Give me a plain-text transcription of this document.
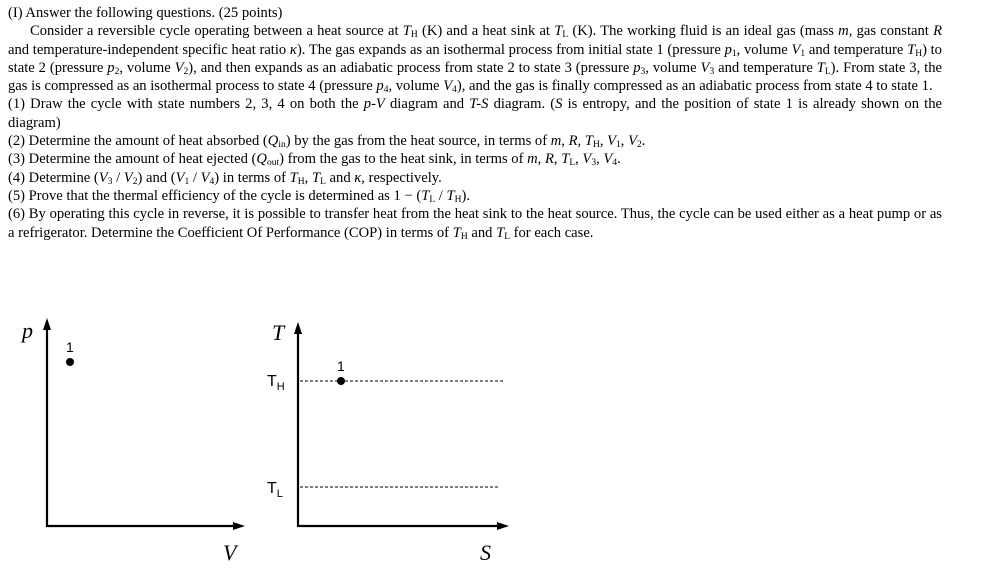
(I) Answer the following questions. (25 points)

Consider a reversible cycle operating between a heat source at $T_H$ (K) and a heat sink at $T_L$ (K). The working fluid is an ideal gas (mass m, gas constant R and temperature-independent specific heat ratio κ). The gas expands as an isothermal process from initial state 1 (pressure $p_1$, volume $V_1$ and temperature $T_H$) to state 2 (pressure $p_2$, volume $V_2$), and then expands as an adiabatic process from state 2 to state 3 (pressure $p_3$, volume $V_3$ and temperature $T_L$). From state 3, the gas is compressed as an isothermal process to state 4 (pressure $p_4$, volume $V_4$), and the gas is finally compressed as an adiabatic process from state 4 to state 1.

(1) Draw the cycle with state numbers 2, 3, 4 on both the p-V diagram and T-S diagram. (S is entropy, and the position of state 1 is already shown on the diagram)

(2) Determine the amount of heat absorbed $(Q_{in})$ by the gas from the heat source, in terms of m, R, $T_H$, $V_1$, $V_2$.

(3) Determine the amount of heat ejected $(Q_{out})$ from the gas to the heat sink, in terms of m, R, $T_L$, $V_3$, $V_4$.

(4) Determine $(V_3 / V_2)$ and $(V_1 / V_4)$ in terms of $T_H$, $T_L$ and κ, respectively.

(5) Prove that the thermal efficiency of the cycle is determined as $1 - (T_L / T_H)$.

(6) By operating this cycle in reverse, it is possible to transfer heat from the heat sink to the heat source. Thus, the cycle can be used either as a heat pump or as a refrigerator. Determine the Coefficient Of Performance (COP) in terms of $T_H$ and $T_L$ for each case.

p
V
1
T
S
$T_H$
$T_L$
1
